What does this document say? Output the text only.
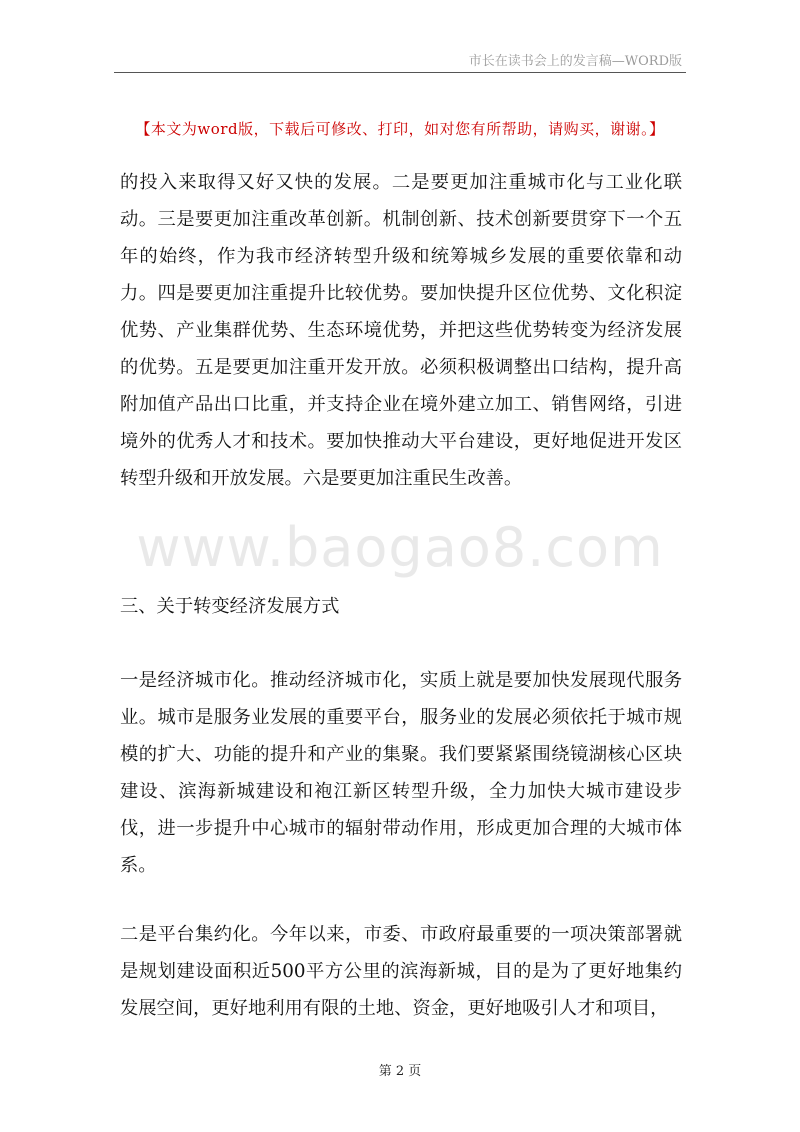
市长在读书会上的发言稿—WORD版
【本文为word版，下载后可修改、打印，如对您有所帮助，请购买，谢谢。】

的投入来取得又好又快的发展。二是要更加注重城市化与工业化联动。三是要更加注重改革创新。机制创新、技术创新要贯穿下一个五年的始终，作为我市经济转型升级和统筹城乡发展的重要依靠和动力。四是要更加注重提升比较优势。要加快提升区位优势、文化积淀优势、产业集群优势、生态环境优势，并把这些优势转变为经济发展的优势。五是要更加注重开发开放。必须积极调整出口结构，提升高附加值产品出口比重，并支持企业在境外建立加工、销售网络，引进境外的优秀人才和技术。要加快推动大平台建设，更好地促进开发区转型升级和开放发展。六是要更加注重民生改善。

www.baogao8.com
三、关于转变经济发展方式

一是经济城市化。推动经济城市化，实质上就是要加快发展现代服务业。城市是服务业发展的重要平台，服务业的发展必须依托于城市规模的扩大、功能的提升和产业的集聚。我们要紧紧围绕镜湖核心区块建设、滨海新城建设和袍江新区转型升级，全力加快大城市建设步伐，进一步提升中心城市的辐射带动作用，形成更加合理的大城市体系。

二是平台集约化。今年以来，市委、市政府最重要的一项决策部署就是规划建设面积近500平方公里的滨海新城，目的是为了更好地集约发展空间，更好地利用有限的土地、资金，更好地吸引人才和项目，

第 2 页
